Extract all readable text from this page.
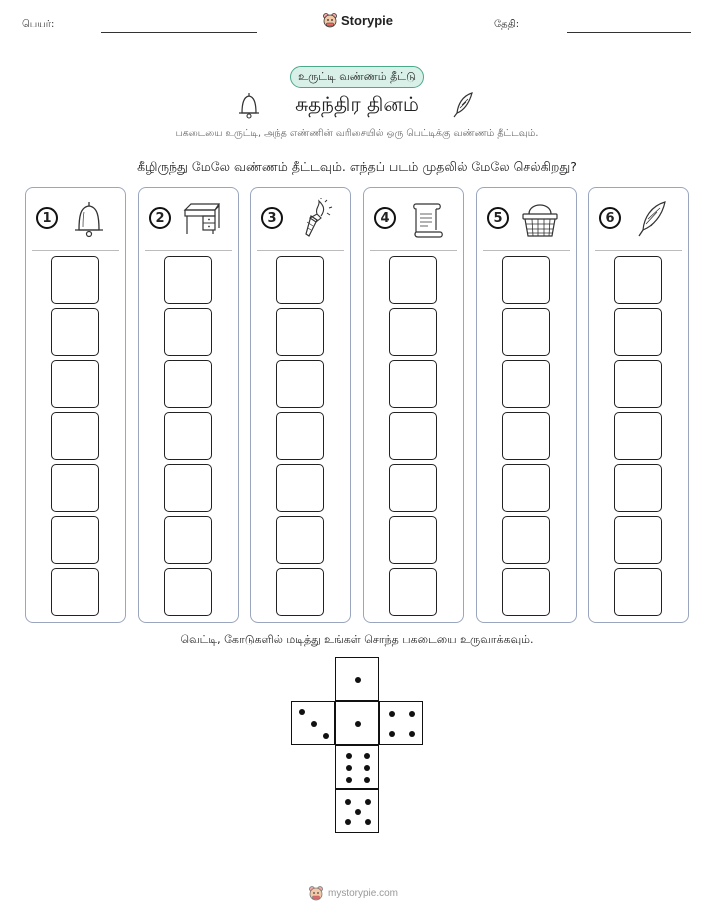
பெயர்:	Storypie	தேதி:
உருட்டி வண்ணம் தீட்டு
சுதந்திர தினம்
பகடையை உருட்டி, அந்த எண்ணின் வரிசையில் ஒரு பெட்டிக்கு வண்ணம் தீட்டவும்.
கீழிருந்து மேலே வண்ணம் தீட்டவும். எந்தப் படம் முதலில் மேலே செல்கிறது?
1	2	3	4	5	6
வெட்டி, கோடுகளில் மடித்து உங்கள் சொந்த பகடையை உருவாக்கவும்.
mystorypie.com
